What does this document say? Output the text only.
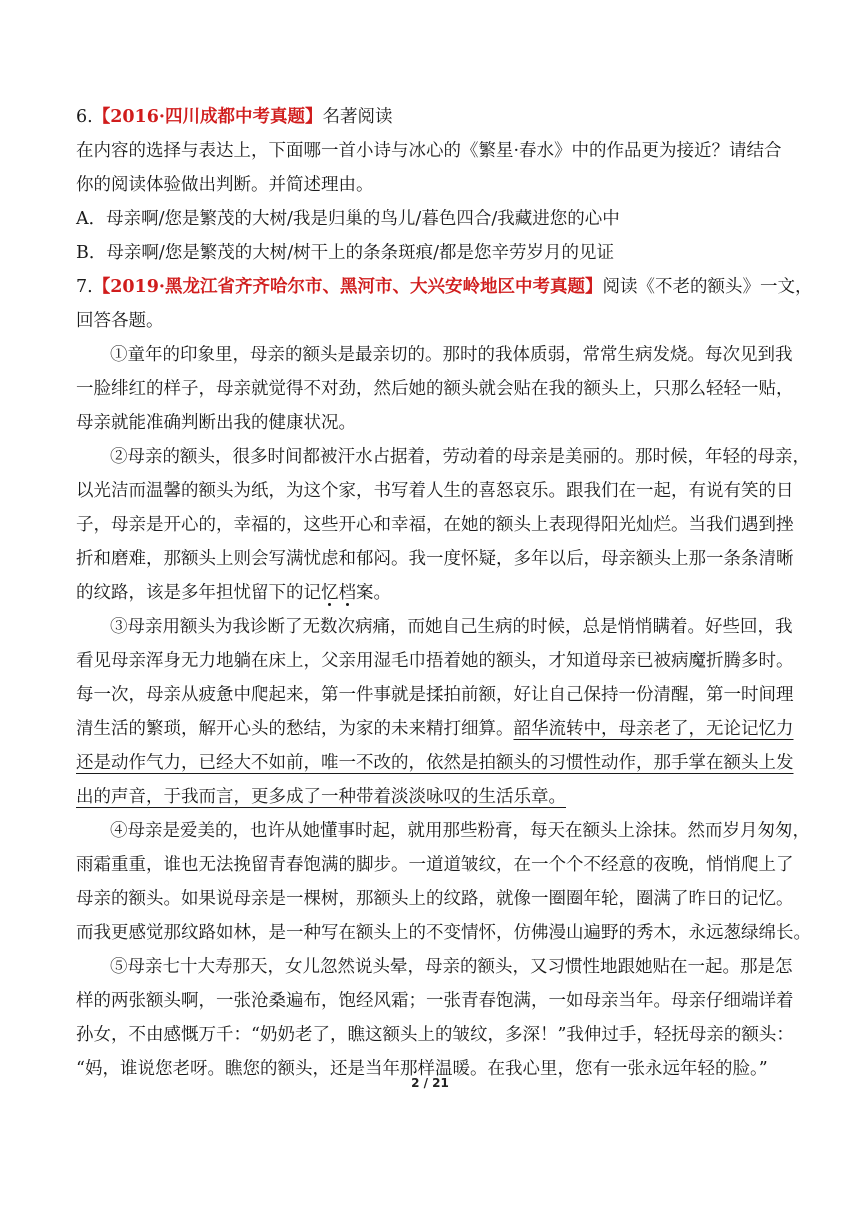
6.【2016·四川成都中考真题】名著阅读
在内容的选择与表达上，下面哪一首小诗与冰心的《繁星·春水》中的作品更为接近？请结合
你的阅读体验做出判断。并简述理由。
A．母亲啊/您是繁茂的大树/我是归巢的鸟儿/暮色四合/我藏进您的心中
B．母亲啊/您是繁茂的大树/树干上的条条斑痕/都是您辛劳岁月的见证
7.【2019·黑龙江省齐齐哈尔市、黑河市、大兴安岭地区中考真题】阅读《不老的额头》一文，
回答各题。
①童年的印象里，母亲的额头是最亲切的。那时的我体质弱，常常生病发烧。每次见到我
一脸绯红的样子，母亲就觉得不对劲，然后她的额头就会贴在我的额头上，只那么轻轻一贴，
母亲就能准确判断出我的健康状况。
②母亲的额头，很多时间都被汗水占据着，劳动着的母亲是美丽的。那时候，年轻的母亲，
以光洁而温馨的额头为纸，为这个家，书写着人生的喜怒哀乐。跟我们在一起，有说有笑的日
子，母亲是开心的，幸福的，这些开心和幸福，在她的额头上表现得阳光灿烂。当我们遇到挫
折和磨难，那额头上则会写满忧虑和郁闷。我一度怀疑，多年以后，母亲额头上那一条条清晰
的纹路，该是多年担忧留下的记忆档案。
③母亲用额头为我诊断了无数次病痛，而她自己生病的时候，总是悄悄瞒着。好些回，我
看见母亲浑身无力地躺在床上，父亲用湿毛巾捂着她的额头，才知道母亲已被病魔折腾多时。
每一次，母亲从疲惫中爬起来，第一件事就是揉拍前额，好让自己保持一份清醒，第一时间理
清生活的繁琐，解开心头的愁结，为家的未来精打细算。韶华流转中，母亲老了，无论记忆力
还是动作气力，已经大不如前，唯一不改的，依然是拍额头的习惯性动作，那手掌在额头上发
出的声音，于我而言，更多成了一种带着淡淡咏叹的生活乐章。
④母亲是爱美的，也许从她懂事时起，就用那些粉膏，每天在额头上涂抹。然而岁月匆匆，
雨霜重重，谁也无法挽留青春饱满的脚步。一道道皱纹，在一个个不经意的夜晚，悄悄爬上了
母亲的额头。如果说母亲是一棵树，那额头上的纹路，就像一圈圈年轮，圈满了昨日的记忆。
而我更感觉那纹路如林，是一种写在额头上的不变情怀，仿佛漫山遍野的秀木，永远葱绿绵长。
⑤母亲七十大寿那天，女儿忽然说头晕，母亲的额头，又习惯性地跟她贴在一起。那是怎
样的两张额头啊，一张沧桑遍布，饱经风霜；一张青春饱满，一如母亲当年。母亲仔细端详着
孙女，不由感慨万千：“奶奶老了，瞧这额头上的皱纹，多深！”我伸过手，轻抚母亲的额头：
“妈，谁说您老呀。瞧您的额头，还是当年那样温暖。在我心里，您有一张永远年轻的脸。”
2 / 21
